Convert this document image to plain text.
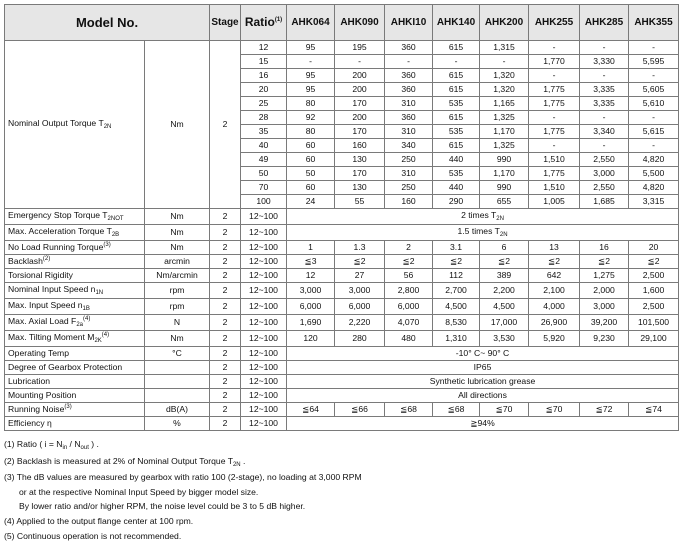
Model No.		Stage	Ratio$^{(1)}$	AHK064	AHK090	AHKI10	AHK140	AHK200	AHK255	AHK285	AHK355
Nominal Output Torque $T_{2N}$	Nm	2	12	95	195	360	615	1,315	-	-	-
			15	-	-	-	-	-	1,770	3,330	5,595
			16	95	200	360	615	1,320	-	-	-
			20	95	200	360	615	1,320	1,775	3,335	5,605
			25	80	170	310	535	1,165	1,775	3,335	5,610
			28	92	200	360	615	1,325	-	-	-
			35	80	170	310	535	1,170	1,775	3,340	5,615
			40	60	160	340	615	1,325	-	-	-
			49	60	130	250	440	990	1,510	2,550	4,820
			50	50	170	310	535	1,170	1,775	3,000	5,500
			70	60	130	250	440	990	1,510	2,550	4,820
			100	24	55	160	290	655	1,005	1,685	3,315
Emergency Stop Torque $T_{2NOT}$	Nm	2	12~100	2 times $T_{2N}$
Max. Acceleration Torque $T_{2B}$	Nm	2	12~100	1.5 times $T_{2N}$
No Load Running Torque$^{(3)}$	Nm	2	12~100	1	1.3	2	3.1	6	13	16	20
Backlash$^{(2)}$	arcmin	2	12~100	≦3	≦2	≦2	≦2	≦2	≦2	≦2	≦2
Torsional Rigidity	Nm/arcmin	2	12~100	12	27	56	112	389	642	1,275	2,500
Nominal Input Speed $n_{1N}$	rpm	2	12~100	3,000	3,000	2,800	2,700	2,200	2,100	2,000	1,600
Max. Input Speed $n_{1B}$	rpm	2	12~100	6,000	6,000	6,000	4,500	4,500	4,000	3,000	2,500
Max. Axial Load $F_{2a}^{(4)}$	N	2	12~100	1,690	2,220	4,070	8,530	17,000	26,900	39,200	101,500
Max. Tilting Moment $M_{2K}^{(4)}$	Nm	2	12~100	120	280	480	1,310	3,530	5,920	9,230	29,100
Operating Temp	°C	2	12~100	-10° C~ 90° C							
Degree of Gearbox Protection		2	12~100	IP65							
Lubrication		2	12~100	Synthetic lubrication grease							
Mounting Position		2	12~100	All directions							
Running Noise$^{(3)}$	dB(A)	2	12~100	≦64	≦66	≦68	≦68	≦70	≦70	≦72	≦74
Efficiency η	%	2	12~100	≧94%							
(1) Ratio ( $i = N_{in} / N_{out}$ ) .
(2) Backlash is measured at 2% of Nominal Output Torque $T_{2N}$ .
(3) The dB values are measured by gearbox with ratio 100 (2-stage), no loading at 3,000 RPM
or at the respective Nominal Input Speed by bigger model size.
By lower ratio and/or higher RPM, the noise level could be 3 to 5 dB higher.
(4) Applied to the output flange center at 100 rpm.
(5) Continuous operation is not recommended.
